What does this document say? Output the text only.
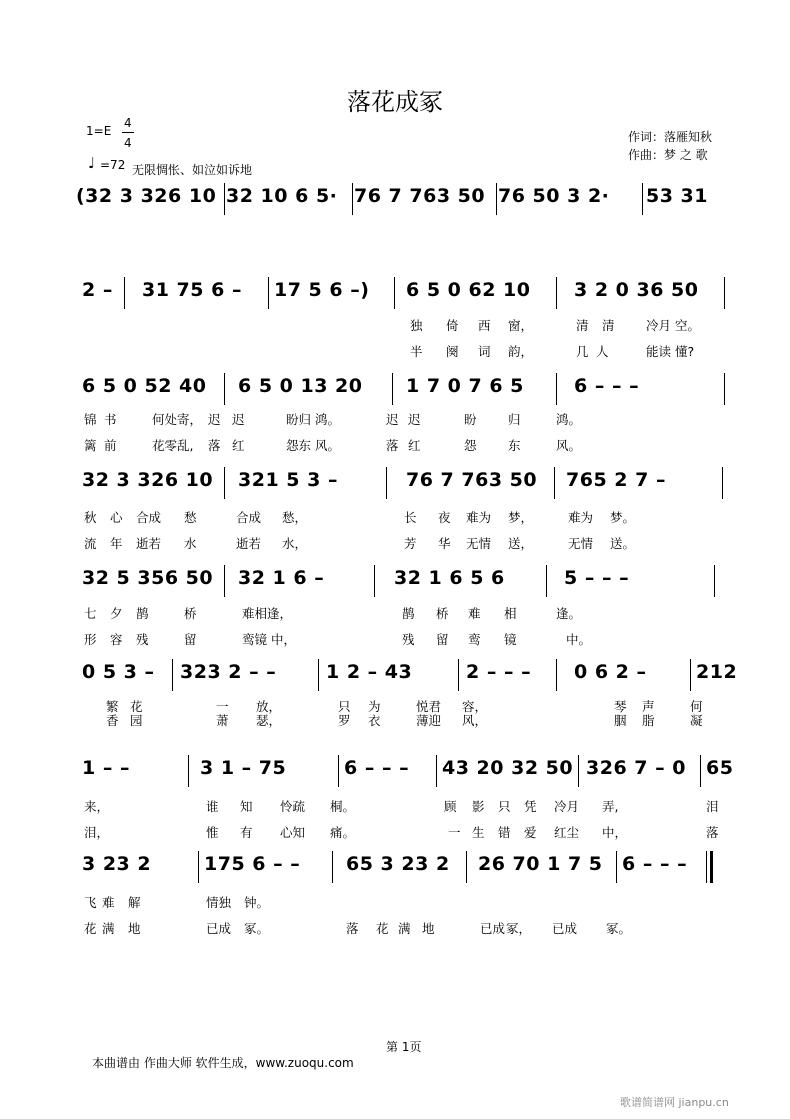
落花成冢
1=E
4
4
♩ =72 无限惆怅、如泣如诉地
作词：落雁知秋
作曲：梦 之 歌
(32 3 326 10 32 10 6 5· 76 7 763 50 76 50 3 2· 53 31
2 – 31 75 6 – 17 5 6 –) 6 5 0 62 10 3 2 0 36 50
6 5 0 52 40 6 5 0 13 20 1 7 0 7 6 5	6 – – –
32 3 326 10 321 5 3 –	76 7 763 50 765 2 7 –
32 5 356 50 32 1 6 –	32 1 6 5 6	5 – – –
0 5 3 – 323 2 – –	1 2 – 43	2 – – – 0 6 2 –	212
1 – –	3 1 – 75	6 – – – 43 20 32 50 326 7 – 0 65
3 23 2	175 6 – – 65 3 23 2 26 70 1 7 5 6 – – –
独 倚 西 窗，	清 清	冷月 空。
半 阕 词 韵，	几 人	能读 懂?
锦 书	何处寄， 迟 迟	盼归 鸿。	迟 迟	盼	归	鸿。
篱 前	花零乱, 落 红	怨东 风。	落 红	怨	东	风。
秋 心 合成 愁	合成 愁，	长 夜 难为 梦，	难为 梦。
流 年 逝若 水	逝若 水，	芳 华 无情 送，	无情 送。
七 夕 鹊	桥	难相逢，	鹊 桥 难 相	逢。
形 容 残	留	鸾镜 中，	残 留 鸾 镜	中。
繁 花	一 放，	只 为	悦君 容，	琴 声	何
香 园	萧 瑟，	罗 衣	薄迎 风，	胭 脂	凝
来，	谁 知 怜疏 桐。	顾 影 只 凭 冷月 弄,	泪
泪，	惟 有 心知 痛。	一 生 错 爱 红尘 中，	落
飞 难 解	情独 钟。
花 满 地	已成 冢。	落 花 满 地	已成 冢， 已成 冢。
第 1页
本曲谱由 作曲大师 软件生成，www.zuoqu.com
歌谱简谱网 jianpu.cn
